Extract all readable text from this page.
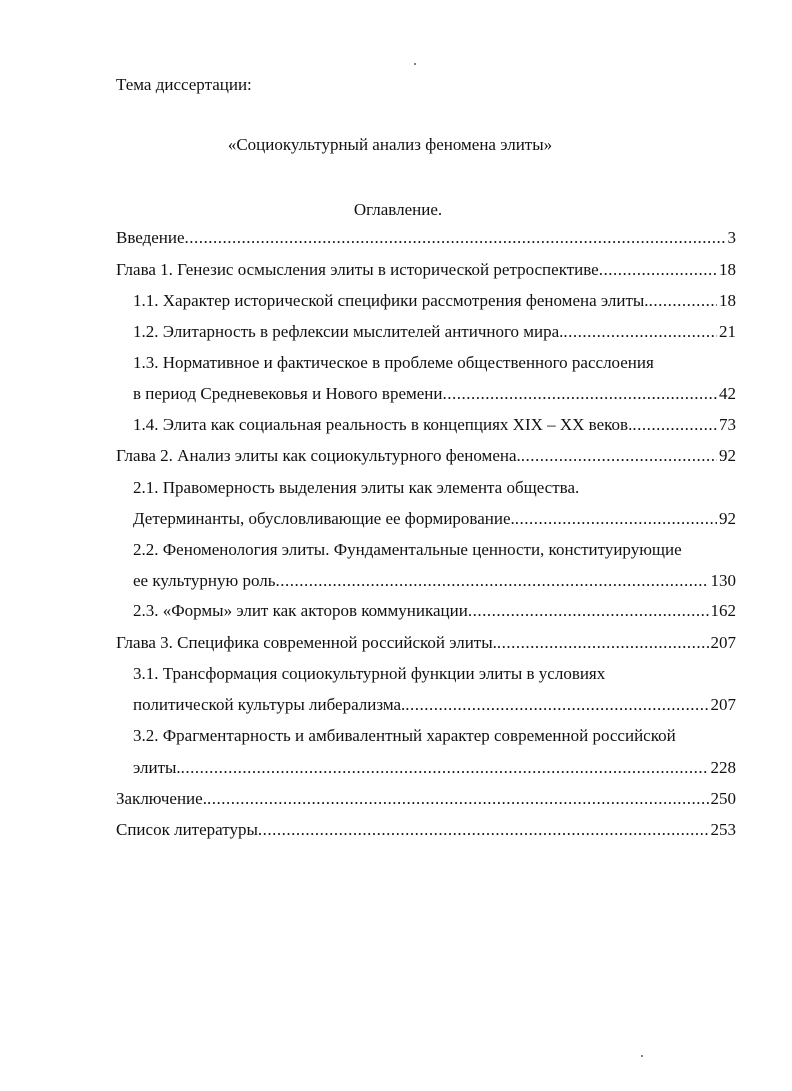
Тема диссертации:
«Социокультурный анализ феномена элиты»
Оглавление.
Введение .....	3
Глава 1. Генезис осмысления элиты в исторической ретроспективе .....	18
1.1. Характер исторической специфики рассмотрения феномена элиты. .....	18
1.2. Элитарность в рефлексии мыслителей античного мира. .....	21
1.3. Нормативное и фактическое в проблеме общественного расслоения
в период Средневековья и Нового времени .....	42
1.4. Элита как социальная реальность в концепциях XIX – XX веков. .....	73
Глава 2. Анализ элиты как социокультурного феномена. .....	92
2.1. Правомерность выделения элиты как элемента общества.
Детерминанты, обусловливающие ее формирование. .....	92
2.2. Феноменология элиты. Фундаментальные ценности, конституирующие
ее культурную роль .....	130
2.3. «Формы» элит как акторов коммуникации .....	162
Глава 3. Специфика современной российской элиты. .....	207
3.1. Трансформация социокультурной функции элиты в условиях
политической культуры либерализма. .....	207
3.2. Фрагментарность и амбивалентный характер современной российской
элиты. .....	228
Заключение. .....	250
Список литературы .....	253
